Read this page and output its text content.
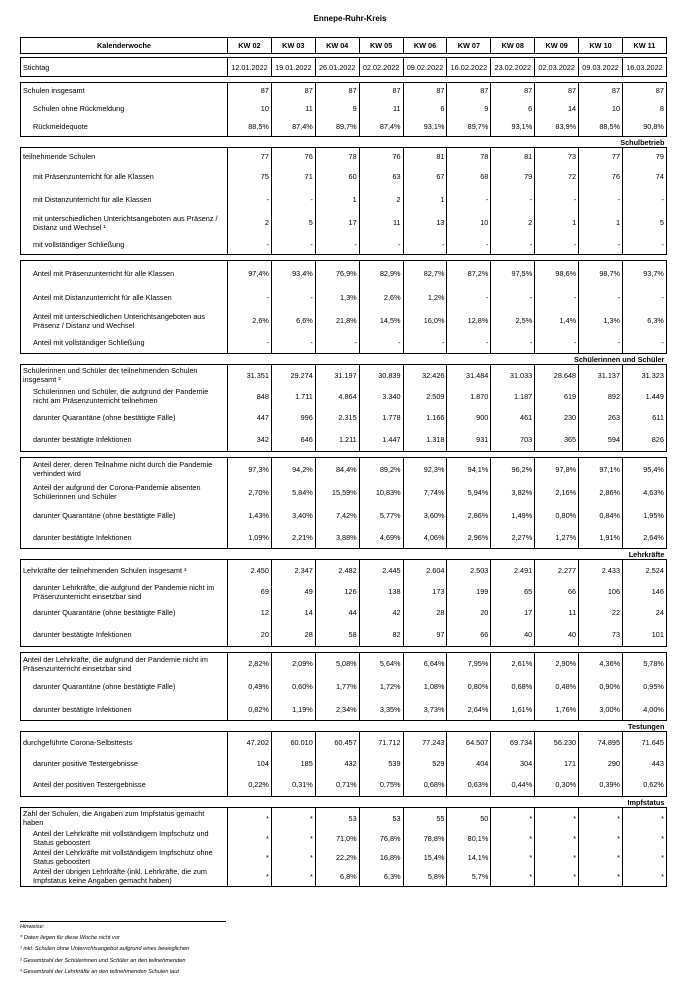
Ennepe-Ruhr-Kreis
Kalenderwoche	KW 02	KW 03	KW 04	KW 05	KW 06	KW 07	KW 08	KW 09	KW 10	KW 11

Stichtag	12.01.2022	19.01.2022	26.01.2022	02.02.2022	09.02.2022	16.02.2022	23.02.2022	02.03.2022	09.03.2022	16.03.2022

Schulen insgesamt	87	87	87	87	87	87	87	87	87	87
Schulen ohne Rückmeldung	10	11	9	11	6	9	6	14	10	8
Rückmeldequote	88,5%	87,4%	89,7%	87,4%	93,1%	89,7%	93,1%	83,9%	88,5%	90,8%
Schulbetrieb										
teilnehmende Schulen	77	76	78	76	81	78	81	73	77	79
mit Präsenzunterricht für alle Klassen	75	71	60	63	67	68	79	72	76	74
mit Distanzunterricht für alle Klassen	-	-	1	2	1	-	-	-	-	-
mit unterschiedlichen Unterichtsangeboten aus Präsenz / Distanz und Wechsel ¹	2	5	17	11	13	10	2	1	1	5
mit vollständiger Schließung	-	-	-	-	-	-	-	-	-	-

Anteil mit Präsenzunterricht für alle Klassen	97,4%	93,4%	76,9%	82,9%	82,7%	87,2%	97,5%	98,6%	98,7%	93,7%
Anteil mit Distanzunterricht für alle Klassen	-	-	1,3%	2,6%	1,2%	-	-	-	-	-
Anteil mit unterschiedlichen Unterichtsangeboten aus Präsenz / Distanz und Wechsel	2,6%	6,6%	21,8%	14,5%	16,0%	12,8%	2,5%	1,4%	1,3%	6,3%
Anteil mit vollständiger Schließung	-	-	-	-	-	-	-	-	-	-
Schülerinnen und Schüler										
Schülerinnen und Schüler der teilnehmenden Schulen insgesamt ²	31.351	29.274	31.197	30.839	32.426	31.484	31.033	28.648	31.137	31.323
Schülerinnen und Schüler, die aufgrund der Pandemie nicht am Präsenzunterricht teilnehmen	848	1.711	4.864	3.340	2.509	1.870	1.187	619	892	1.449
darunter Quarantäne (ohne bestätigte Fälle)	447	996	2.315	1.778	1.166	900	461	230	263	611
darunter bestätigte Infektionen	342	646	1.211	1.447	1.318	931	703	365	594	826

Anteil derer, deren Teilnahme nicht durch die Pandemie verhindert wird	97,3%	94,2%	84,4%	89,2%	92,3%	94,1%	96,2%	97,8%	97,1%	95,4%
Anteil der aufgrund der Corona-Pandemie absenten Schülerinnen und Schüler	2,70%	5,84%	15,59%	10,83%	7,74%	5,94%	3,82%	2,16%	2,86%	4,63%
darunter Quarantäne (ohne bestätigte Fälle)	1,43%	3,40%	7,42%	5,77%	3,60%	2,86%	1,49%	0,80%	0,84%	1,95%
darunter bestätigte Infektionen	1,09%	2,21%	3,88%	4,69%	4,06%	2,96%	2,27%	1,27%	1,91%	2,64%
Lehrkräfte										
Lehrkräfte der teilnehmenden Schulen insgesamt ³	2.450	2.347	2.482	2.445	2.604	2.503	2.491	2.277	2.433	2.524
darunter Lehrkräfte, die aufgrund der Pandemie nicht im Präsenzunterricht einsetzbar sind	69	49	126	138	173	199	65	66	106	146
darunter Quarantäne (ohne bestätigte Fälle)	12	14	44	42	28	20	17	11	22	24
darunter bestätigte Infektionen	20	28	58	82	97	66	40	40	73	101

Anteil der Lehrkräfte, die aufgrund der Pandemie nicht im Präsenzunterricht einsetzbar sind	2,82%	2,09%	5,08%	5,64%	6,64%	7,95%	2,61%	2,90%	4,36%	5,78%
darunter Quarantäne (ohne bestätigte Fälle)	0,49%	0,60%	1,77%	1,72%	1,08%	0,80%	0,68%	0,48%	0,90%	0,95%
darunter bestätigte Infektionen	0,82%	1,19%	2,34%	3,35%	3,73%	2,64%	1,61%	1,76%	3,00%	4,00%
Testungen										
durchgeführte Corona-Selbsttests	47.202	60.010	60.457	71.712	77.243	64.507	69.734	56.230	74.895	71.645
darunter positive Testergebnisse	104	185	432	539	529	404	304	171	290	443
Anteil der positiven Testergebnisse	0,22%	0,31%	0,71%	0,75%	0,68%	0,63%	0,44%	0,30%	0,39%	0,62%
Impfstatus										
Zahl der Schulen, die Angaben zum Impfstatus gemacht haben	*	*	53	53	55	50	*	*	*	*
Anteil der Lehrkräfte mit vollständigem Impfschutz und Status geboostert	*	*	71,0%	76,8%	78,8%	80,1%	*	*	*	*
Anteil der Lehrkräfte mit vollständigem Impfschutz ohne Status geboostert	*	*	22,2%	16,8%	15,4%	14,1%	*	*	*	*
Anteil der übrigen Lehrkräfte (inkl. Lehrkräfte, die zum Impfstatus keine Angaben gemacht haben)	*	*	6,8%	6,3%	5,8%	5,7%	*	*	*	*
Hinweise:
* Daten liegen für diese Woche nicht vor
¹ inkl. Schulen ohne Unterrichtsangebot aufgrund eines beweglichen
² Gesamtzahl der Schülerinnen und Schüler an den teilnehmenden
³ Gesamtzahl der Lehrkräfte an den teilnehmenden Schulen laut
